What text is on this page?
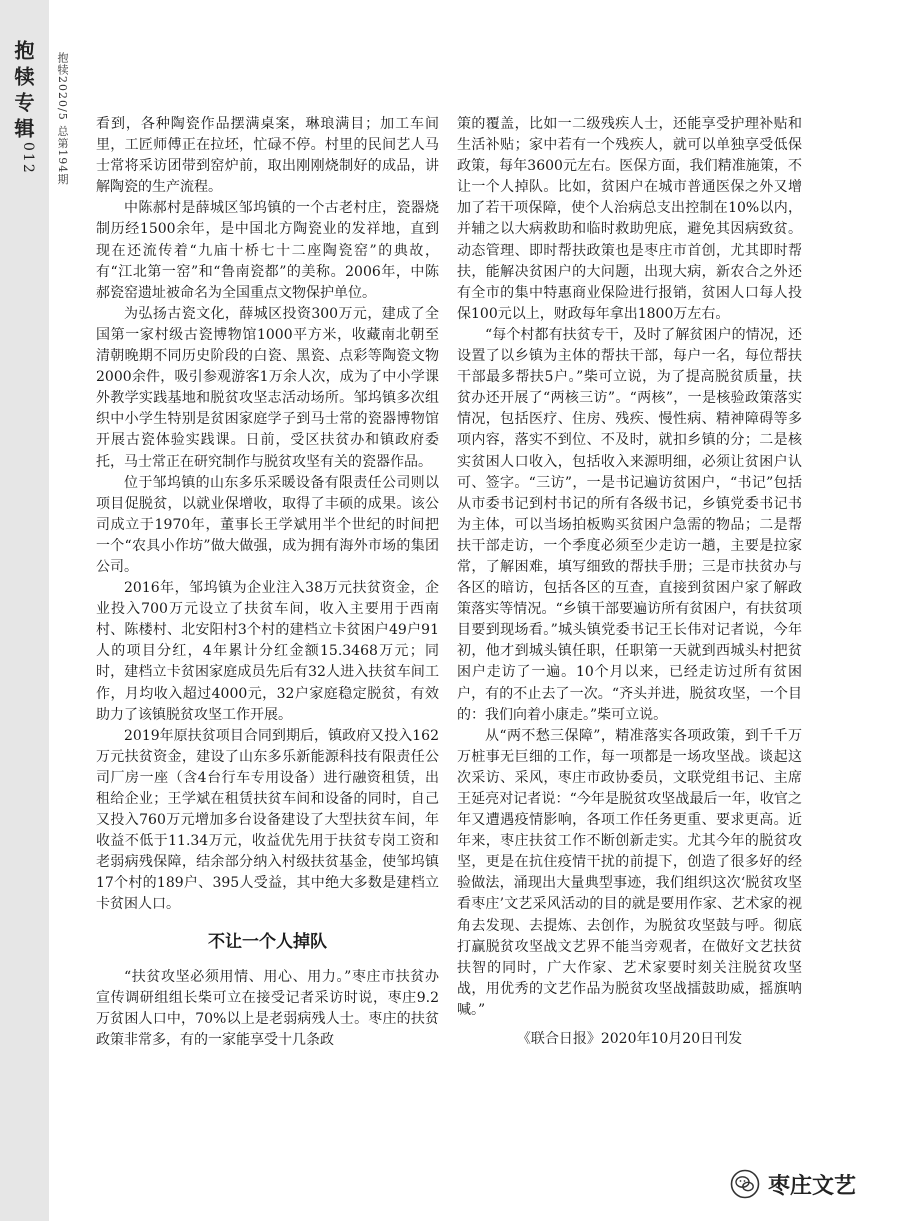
抱犊专辑
012 抱犊2020/5 总第194期 看到，各种陶瓷作品摆满桌案，琳琅满目；加工车间里，工匠师傅正在拉坯，忙碌不停。村里的民间艺人马士常将采访团带到窑炉前，取出刚刚烧制好的成品，讲解陶瓷的生产流程。

中陈郝村是薛城区邹坞镇的一个古老村庄，瓷器烧制历经1500余年，是中国北方陶瓷业的发祥地，直到现在还流传着“九庙十桥七十二座陶瓷窑”的典故，有“江北第一窑”和“鲁南瓷都”的美称。2006年，中陈郝瓷窑遗址被命名为全国重点文物保护单位。

为弘扬古瓷文化，薛城区投资300万元，建成了全国第一家村级古瓷博物馆1000平方米，收藏南北朝至清朝晚期不同历史阶段的白瓷、黑瓷、点彩等陶瓷文物2000余件，吸引参观游客1万余人次，成为了中小学课外教学实践基地和脱贫攻坚志活动场所。邹坞镇多次组织中小学生特别是贫困家庭学子到马士常的瓷器博物馆开展古瓷体验实践课。日前，受区扶贫办和镇政府委托，马士常正在研究制作与脱贫攻坚有关的瓷器作品。

位于邹坞镇的山东多乐采暖设备有限责任公司则以项目促脱贫，以就业保增收，取得了丰硕的成果。该公司成立于1970年，董事长王学斌用半个世纪的时间把一个“农具小作坊”做大做强，成为拥有海外市场的集团公司。

2016年，邹坞镇为企业注入38万元扶贫资金，企业投入700万元设立了扶贫车间，收入主要用于西南村、陈楼村、北安阳村3个村的建档立卡贫困户49户91人的项目分红，4年累计分红金额15.3468万元；同时，建档立卡贫困家庭成员先后有32人进入扶贫车间工作，月均收入超过4000元，32户家庭稳定脱贫，有效助力了该镇脱贫攻坚工作开展。

2019年原扶贫项目合同到期后，镇政府又投入162万元扶贫资金，建设了山东多乐新能源科技有限责任公司厂房一座（含4台行车专用设备）进行融资租赁，出租给企业；王学斌在租赁扶贫车间和设备的同时，自己又投入760万元增加多台设备建设了大型扶贫车间，年收益不低于11.34万元，收益优先用于扶贫专岗工资和老弱病残保障，结余部分纳入村级扶贫基金，使邹坞镇17个村的189户、395人受益，其中绝大多数是建档立卡贫困人口。

不让一个人掉队

“扶贫攻坚必须用情、用心、用力。”枣庄市扶贫办宣传调研组组长柴可立在接受记者采访时说，枣庄9.2万贫困人口中，70%以上是老弱病残人士。枣庄的扶贫政策非常多，有的一家能享受十几条政

策的覆盖，比如一二级残疾人士，还能享受护理补贴和生活补贴；家中若有一个残疾人，就可以单独享受低保政策，每年3600元左右。医保方面，我们精准施策，不让一个人掉队。比如，贫困户在城市普通医保之外又增加了若干项保障，使个人治病总支出控制在10%以内，并辅之以大病救助和临时救助兜底，避免其因病致贫。动态管理、即时帮扶政策也是枣庄市首创，尤其即时帮扶，能解决贫困户的大问题，出现大病，新农合之外还有全市的集中特惠商业保险进行报销，贫困人口每人投保100元以上，财政每年拿出1800万左右。

“每个村都有扶贫专干，及时了解贫困户的情况，还设置了以乡镇为主体的帮扶干部，每户一名，每位帮扶干部最多帮扶5户。”柴可立说，为了提高脱贫质量，扶贫办还开展了“两核三访”。“两核”，一是核验政策落实情况，包括医疗、住房、残疾、慢性病、精神障碍等多项内容，落实不到位、不及时，就扣乡镇的分；二是核实贫困人口收入，包括收入来源明细，必须让贫困户认可、签字。“三访”，一是书记遍访贫困户，“书记”包括从市委书记到村书记的所有各级书记，乡镇党委书记书为主体，可以当场拍板购买贫困户急需的物品；二是帮扶干部走访，一个季度必须至少走访一趟，主要是拉家常，了解困难，填写细致的帮扶手册；三是市扶贫办与各区的暗访，包括各区的互查，直接到贫困户家了解政策落实等情况。“乡镇干部要遍访所有贫困户，有扶贫项目要到现场看。”城头镇党委书记王长伟对记者说，今年初，他才到城头镇任职，任职第一天就到西城头村把贫困户走访了一遍。10个月以来，已经走访过所有贫困户，有的不止去了一次。“齐头并进，脱贫攻坚，一个目的：我们向着小康走。”柴可立说。

从“两不愁三保障”，精准落实各项政策，到千千万万桩事无巨细的工作，每一项都是一场攻坚战。谈起这次采访、采风，枣庄市政协委员，文联党组书记、主席王延亮对记者说：“今年是脱贫攻坚战最后一年，收官之年又遭遇疫情影响，各项工作任务更重、要求更高。近年来，枣庄扶贫工作不断创新走实。尤其今年的脱贫攻坚，更是在抗住疫情干扰的前提下，创造了很多好的经验做法，涌现出大量典型事迹，我们组织这次‘脱贫攻坚看枣庄’文艺采风活动的目的就是要用作家、艺术家的视角去发现、去提炼、去创作，为脱贫攻坚鼓与呼。彻底打赢脱贫攻坚战文艺界不能当旁观者，在做好文艺扶贫扶智的同时，广大作家、艺术家要时刻关注脱贫攻坚战，用优秀的文艺作品为脱贫攻坚战擂鼓助威，摇旗呐喊。”

《联合日报》2020年10月20日刊发

枣庄文艺
